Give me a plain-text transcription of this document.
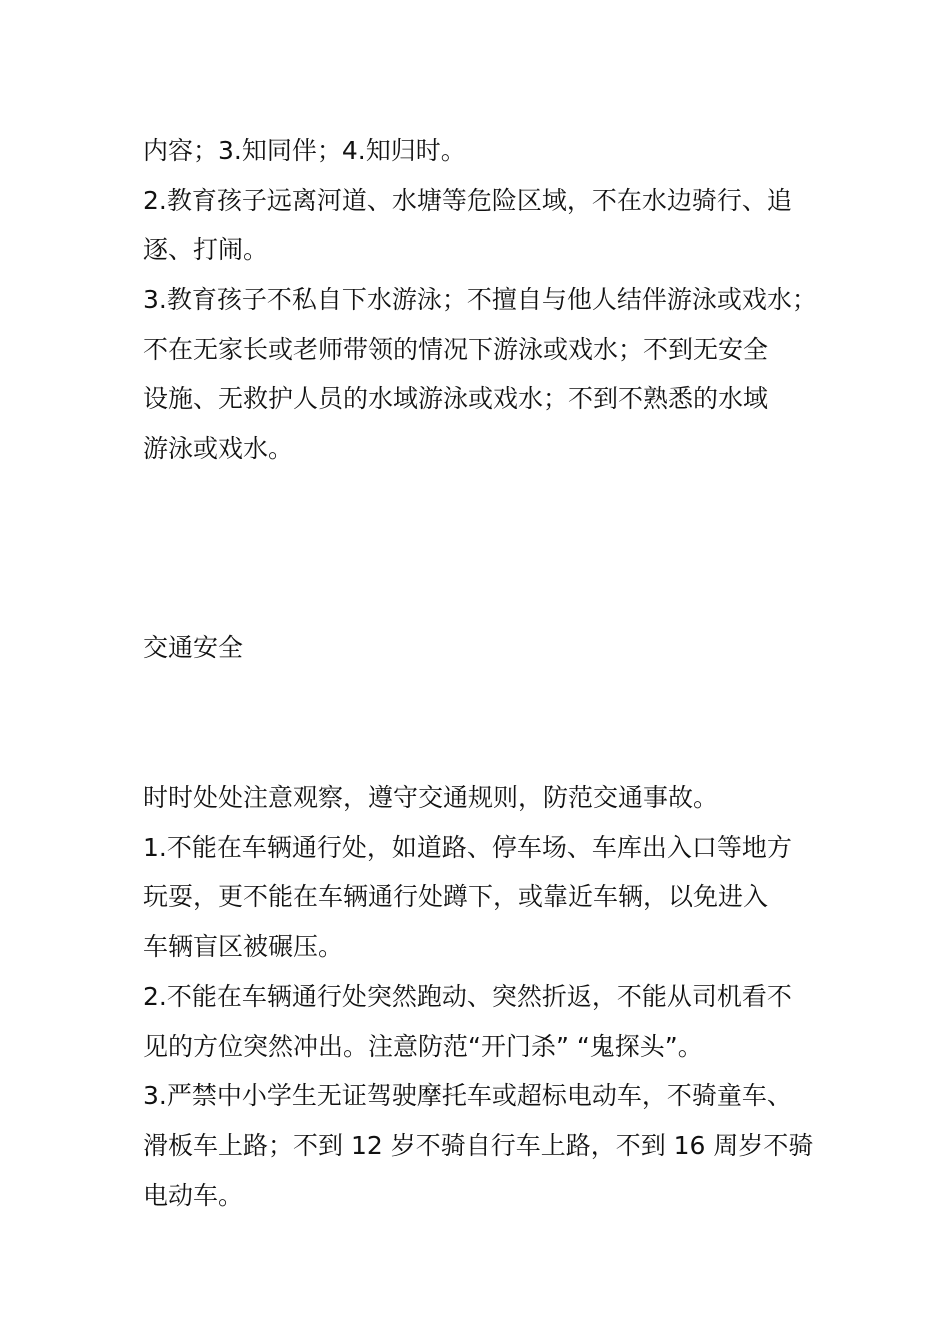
内容；3.知同伴；4.知归时。
2.教育孩子远离河道、水塘等危险区域，不在水边骑行、追
逐、打闹。
3.教育孩子不私自下水游泳；不擅自与他人结伴游泳或戏水；
不在无家长或老师带领的情况下游泳或戏水；不到无安全
设施、无救护人员的水域游泳或戏水；不到不熟悉的水域
游泳或戏水。
交通安全
时时处处注意观察，遵守交通规则，防范交通事故。
1.不能在车辆通行处，如道路、停车场、车库出入口等地方
玩耍，更不能在车辆通行处蹲下，或靠近车辆，以免进入
车辆盲区被碾压。
2.不能在车辆通行处突然跑动、突然折返，不能从司机看不
见的方位突然冲出。注意防范“开门杀” “鬼探头”。
3.严禁中小学生无证驾驶摩托车或超标电动车，不骑童车、
滑板车上路；不到 12 岁不骑自行车上路，不到 16 周岁不骑
电动车。
